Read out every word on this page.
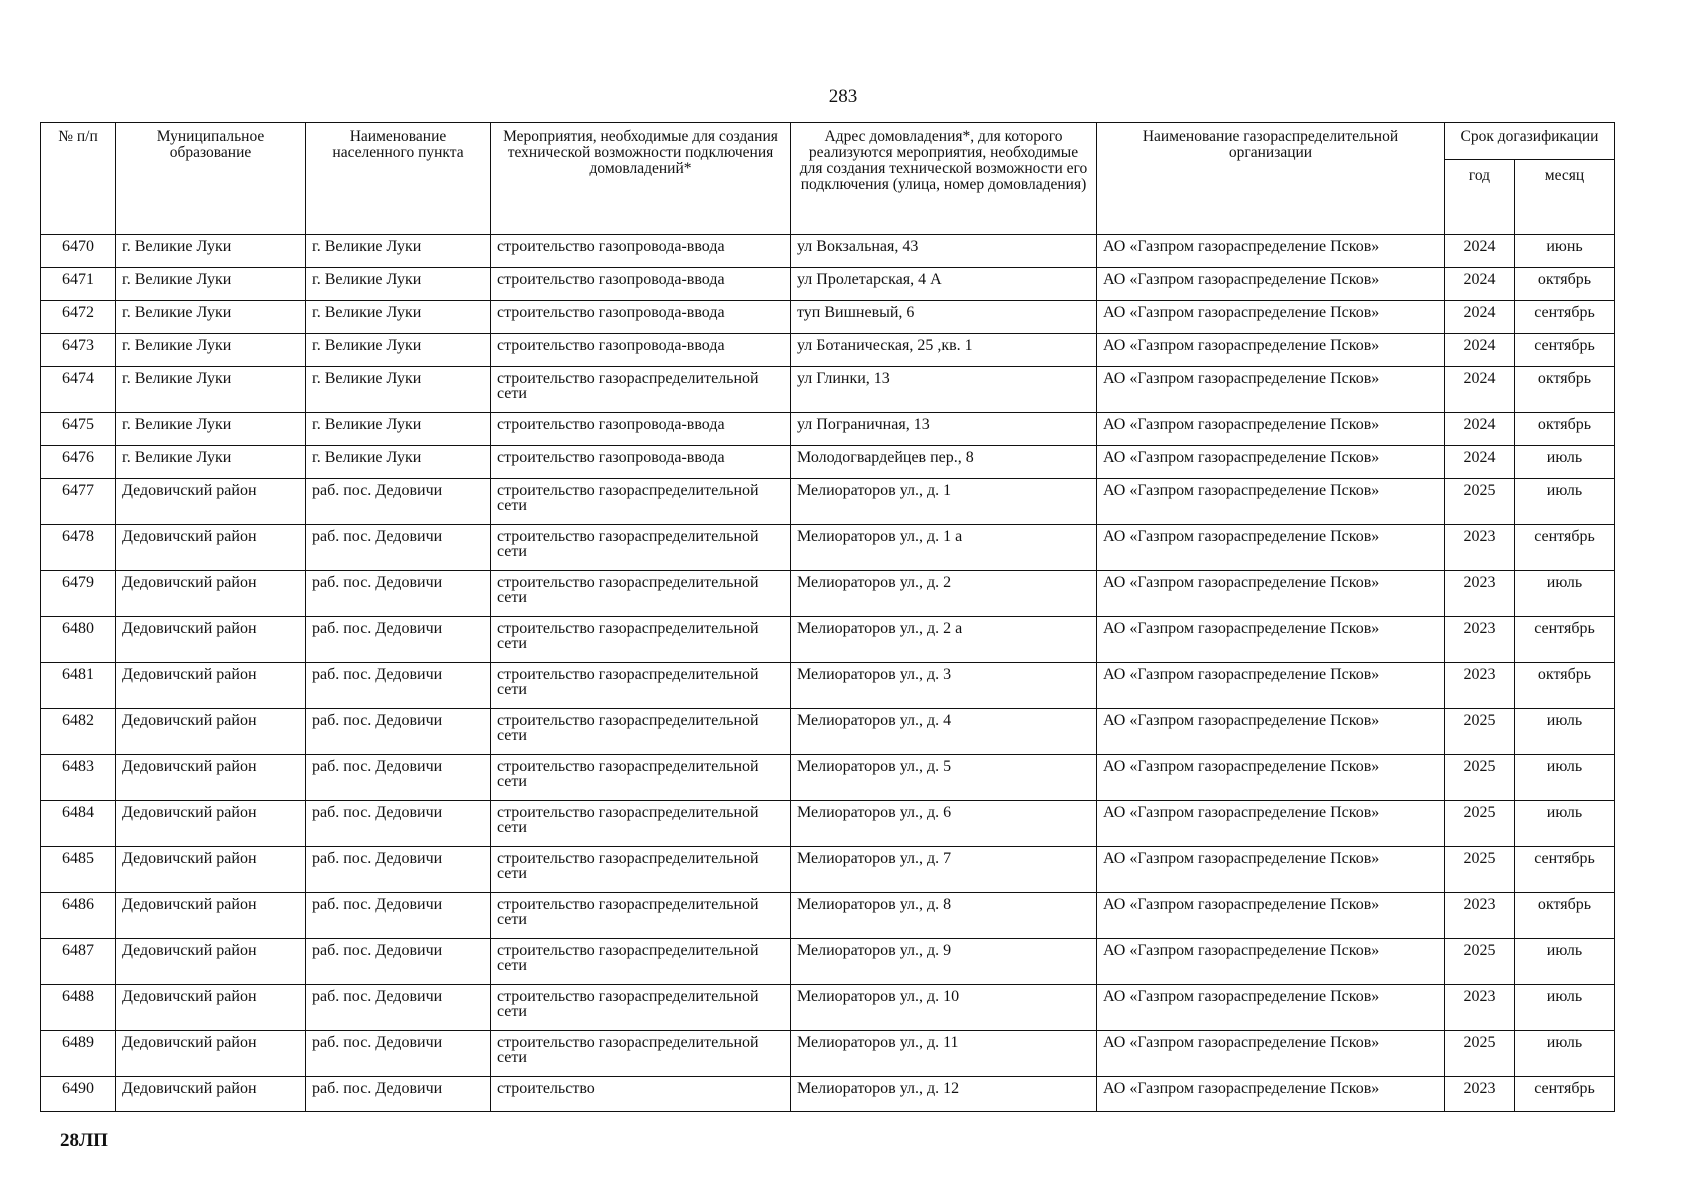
283
№ п/п	Муниципальное образование	Наименование населенного пункта	Мероприятия, необходимые для создания технической возможности подключения домовладений*	Адрес домовладения*, для которого реализуются мероприятия, необходимые для создания технической возможности его подключения (улица, номер домовладения)	Наименование газораспределительной организации	Срок догазификации	
						год	месяц
6470	г. Великие Луки	г. Великие Луки	строительство газопровода-ввода	ул Вокзальная, 43	АО «Газпром газораспределение Псков»	2024	июнь
6471	г. Великие Луки	г. Великие Луки	строительство газопровода-ввода	ул Пролетарская, 4 А	АО «Газпром газораспределение Псков»	2024	октябрь
6472	г. Великие Луки	г. Великие Луки	строительство газопровода-ввода	туп Вишневый, 6	АО «Газпром газораспределение Псков»	2024	сентябрь
6473	г. Великие Луки	г. Великие Луки	строительство газопровода-ввода	ул Ботаническая, 25 ,кв. 1	АО «Газпром газораспределение Псков»	2024	сентябрь
6474	г. Великие Луки	г. Великие Луки	строительство газораспределительной сети	ул Глинки, 13	АО «Газпром газораспределение Псков»	2024	октябрь
6475	г. Великие Луки	г. Великие Луки	строительство газопровода-ввода	ул Пограничная, 13	АО «Газпром газораспределение Псков»	2024	октябрь
6476	г. Великие Луки	г. Великие Луки	строительство газопровода-ввода	Молодогвардейцев пер., 8	АО «Газпром газораспределение Псков»	2024	июль
6477	Дедовичский район	раб. пос. Дедовичи	строительство газораспределительной сети	Мелиораторов ул., д. 1	АО «Газпром газораспределение Псков»	2025	июль
6478	Дедовичский район	раб. пос. Дедовичи	строительство газораспределительной сети	Мелиораторов ул., д. 1 а	АО «Газпром газораспределение Псков»	2023	сентябрь
6479	Дедовичский район	раб. пос. Дедовичи	строительство газораспределительной сети	Мелиораторов ул., д. 2	АО «Газпром газораспределение Псков»	2023	июль
6480	Дедовичский район	раб. пос. Дедовичи	строительство газораспределительной сети	Мелиораторов ул., д. 2 а	АО «Газпром газораспределение Псков»	2023	сентябрь
6481	Дедовичский район	раб. пос. Дедовичи	строительство газораспределительной сети	Мелиораторов ул., д. 3	АО «Газпром газораспределение Псков»	2023	октябрь
6482	Дедовичский район	раб. пос. Дедовичи	строительство газораспределительной сети	Мелиораторов ул., д. 4	АО «Газпром газораспределение Псков»	2025	июль
6483	Дедовичский район	раб. пос. Дедовичи	строительство газораспределительной сети	Мелиораторов ул., д. 5	АО «Газпром газораспределение Псков»	2025	июль
6484	Дедовичский район	раб. пос. Дедовичи	строительство газораспределительной сети	Мелиораторов ул., д. 6	АО «Газпром газораспределение Псков»	2025	июль
6485	Дедовичский район	раб. пос. Дедовичи	строительство газораспределительной сети	Мелиораторов ул., д. 7	АО «Газпром газораспределение Псков»	2025	сентябрь
6486	Дедовичский район	раб. пос. Дедовичи	строительство газораспределительной сети	Мелиораторов ул., д. 8	АО «Газпром газораспределение Псков»	2023	октябрь
6487	Дедовичский район	раб. пос. Дедовичи	строительство газораспределительной сети	Мелиораторов ул., д. 9	АО «Газпром газораспределение Псков»	2025	июль
6488	Дедовичский район	раб. пос. Дедовичи	строительство газораспределительной сети	Мелиораторов ул., д. 10	АО «Газпром газораспределение Псков»	2023	июль
6489	Дедовичский район	раб. пос. Дедовичи	строительство газораспределительной сети	Мелиораторов ул., д. 11	АО «Газпром газораспределение Псков»	2025	июль
6490	Дедовичский район	раб. пос. Дедовичи	строительство	Мелиораторов ул., д. 12	АО «Газпром газораспределение Псков»	2023	сентябрь
28ЛП
